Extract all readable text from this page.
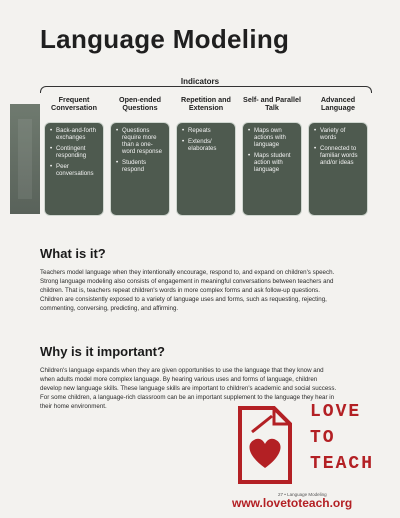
Language Modeling
Indicators
Frequent Conversation
• Back-and-forth exchanges
• Contingent responding
• Peer conversations
Open-ended Questions
• Questions require more than a one-word response
• Students respond
Repetition and Extension
• Repeats
• Extends/ elaborates
Self- and Parallel Talk
• Maps own actions with language
• Maps student action with language
Advanced Language
• Variety of words
• Connected to familiar words and/or ideas
What is it?
Teachers model language when they intentionally encourage, respond to, and expand on children's speech. Strong language modeling also consists of engagement in meaningful conversations between teachers and children. That is, teachers repeat children's words in more complex forms and ask follow-up questions. Children are consistently exposed to a variety of language uses and forms, such as requesting, rejecting, commenting, conversing, predicting, and affirming.
Why is it important?
Children's language expands when they are given opportunities to use the language that they know and when adults model more complex language. By hearing various uses and forms of language, children develop new language skills. These language skills are important to children's academic and social success. For some children, a language-rich classroom can be an important supplement to the language they hear in their home environment.
27 • Language Modeling
LOVE
TO
TEACH
www.lovetoteach.org
